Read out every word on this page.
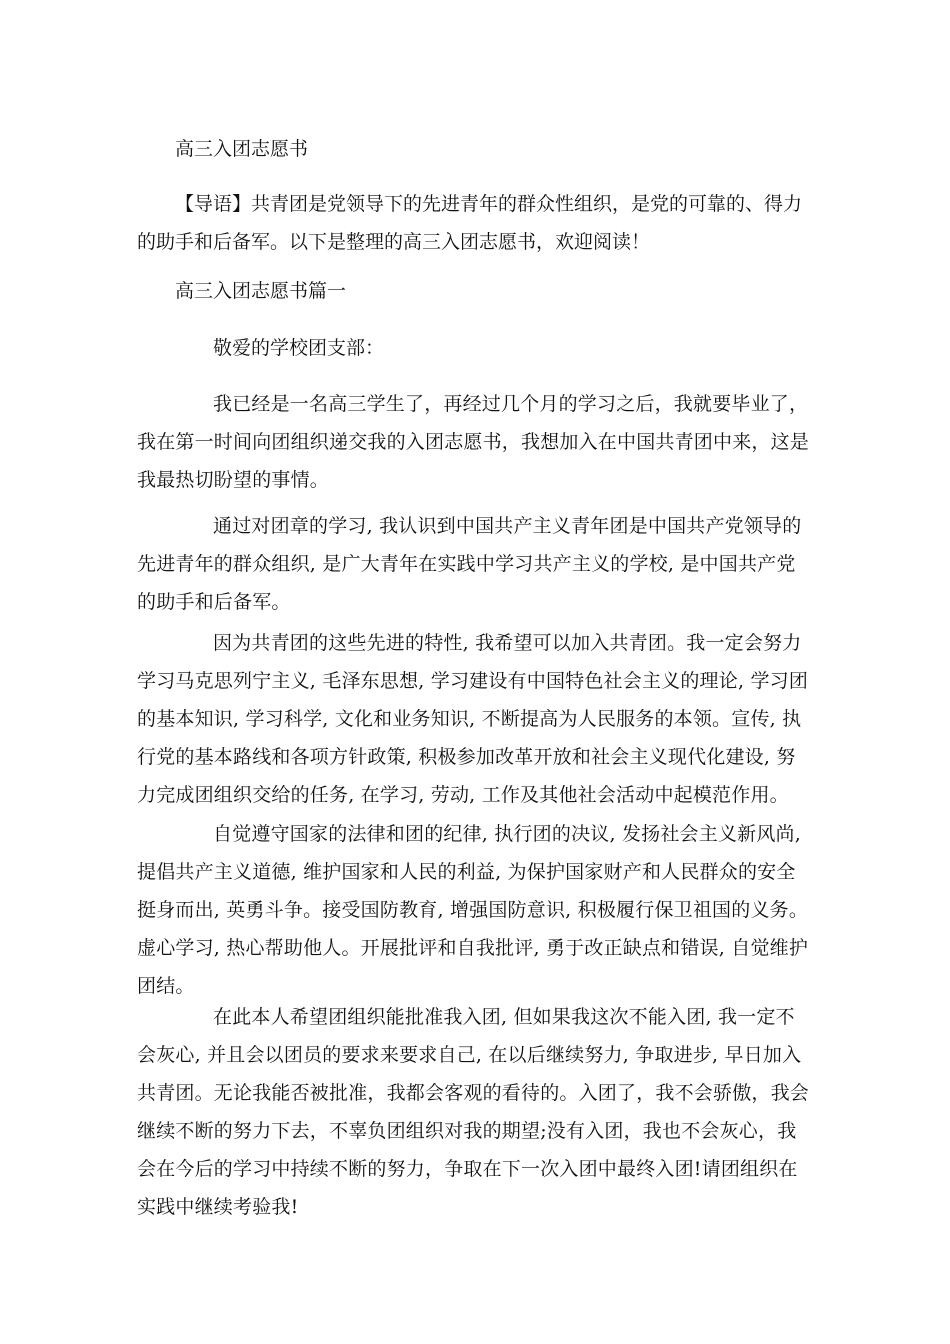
高三入团志愿书
【导语】共青团是党领导下的先进青年的群众性组织，是党的可靠的、得力的助手和后备军。以下是整理的高三入团志愿书，欢迎阅读！
高三入团志愿书篇一
敬爱的学校团支部：
我已经是一名高三学生了，再经过几个月的学习之后，我就要毕业了，我在第一时间向团组织递交我的入团志愿书，我想加入在中国共青团中来，这是我最热切盼望的事情。
通过对团章的学习, 我认识到中国共产主义青年团是中国共产党领导的先进青年的群众组织, 是广大青年在实践中学习共产主义的学校, 是中国共产党的助手和后备军。
因为共青团的这些先进的特性, 我希望可以加入共青团。我一定会努力学习马克思列宁主义, 毛泽东思想, 学习建设有中国特色社会主义的理论, 学习团的基本知识, 学习科学, 文化和业务知识, 不断提高为人民服务的本领。宣传, 执行党的基本路线和各项方针政策, 积极参加改革开放和社会主义现代化建设, 努力完成团组织交给的任务, 在学习, 劳动, 工作及其他社会活动中起模范作用。
自觉遵守国家的法律和团的纪律, 执行团的决议, 发扬社会主义新风尚, 提倡共产主义道德, 维护国家和人民的利益, 为保护国家财产和人民群众的安全挺身而出, 英勇斗争。接受国防教育, 增强国防意识, 积极履行保卫祖国的义务。虚心学习, 热心帮助他人。开展批评和自我批评, 勇于改正缺点和错误, 自觉维护团结。
在此本人希望团组织能批准我入团, 但如果我这次不能入团, 我一定不会灰心, 并且会以团员的要求来要求自己, 在以后继续努力, 争取进步, 早日加入共青团。无论我能否被批准，我都会客观的看待的。入团了，我不会骄傲，我会继续不断的努力下去，不辜负团组织对我的期望;没有入团，我也不会灰心，我会在今后的学习中持续不断的努力，争取在下一次入团中最终入团!请团组织在实践中继续考验我!
